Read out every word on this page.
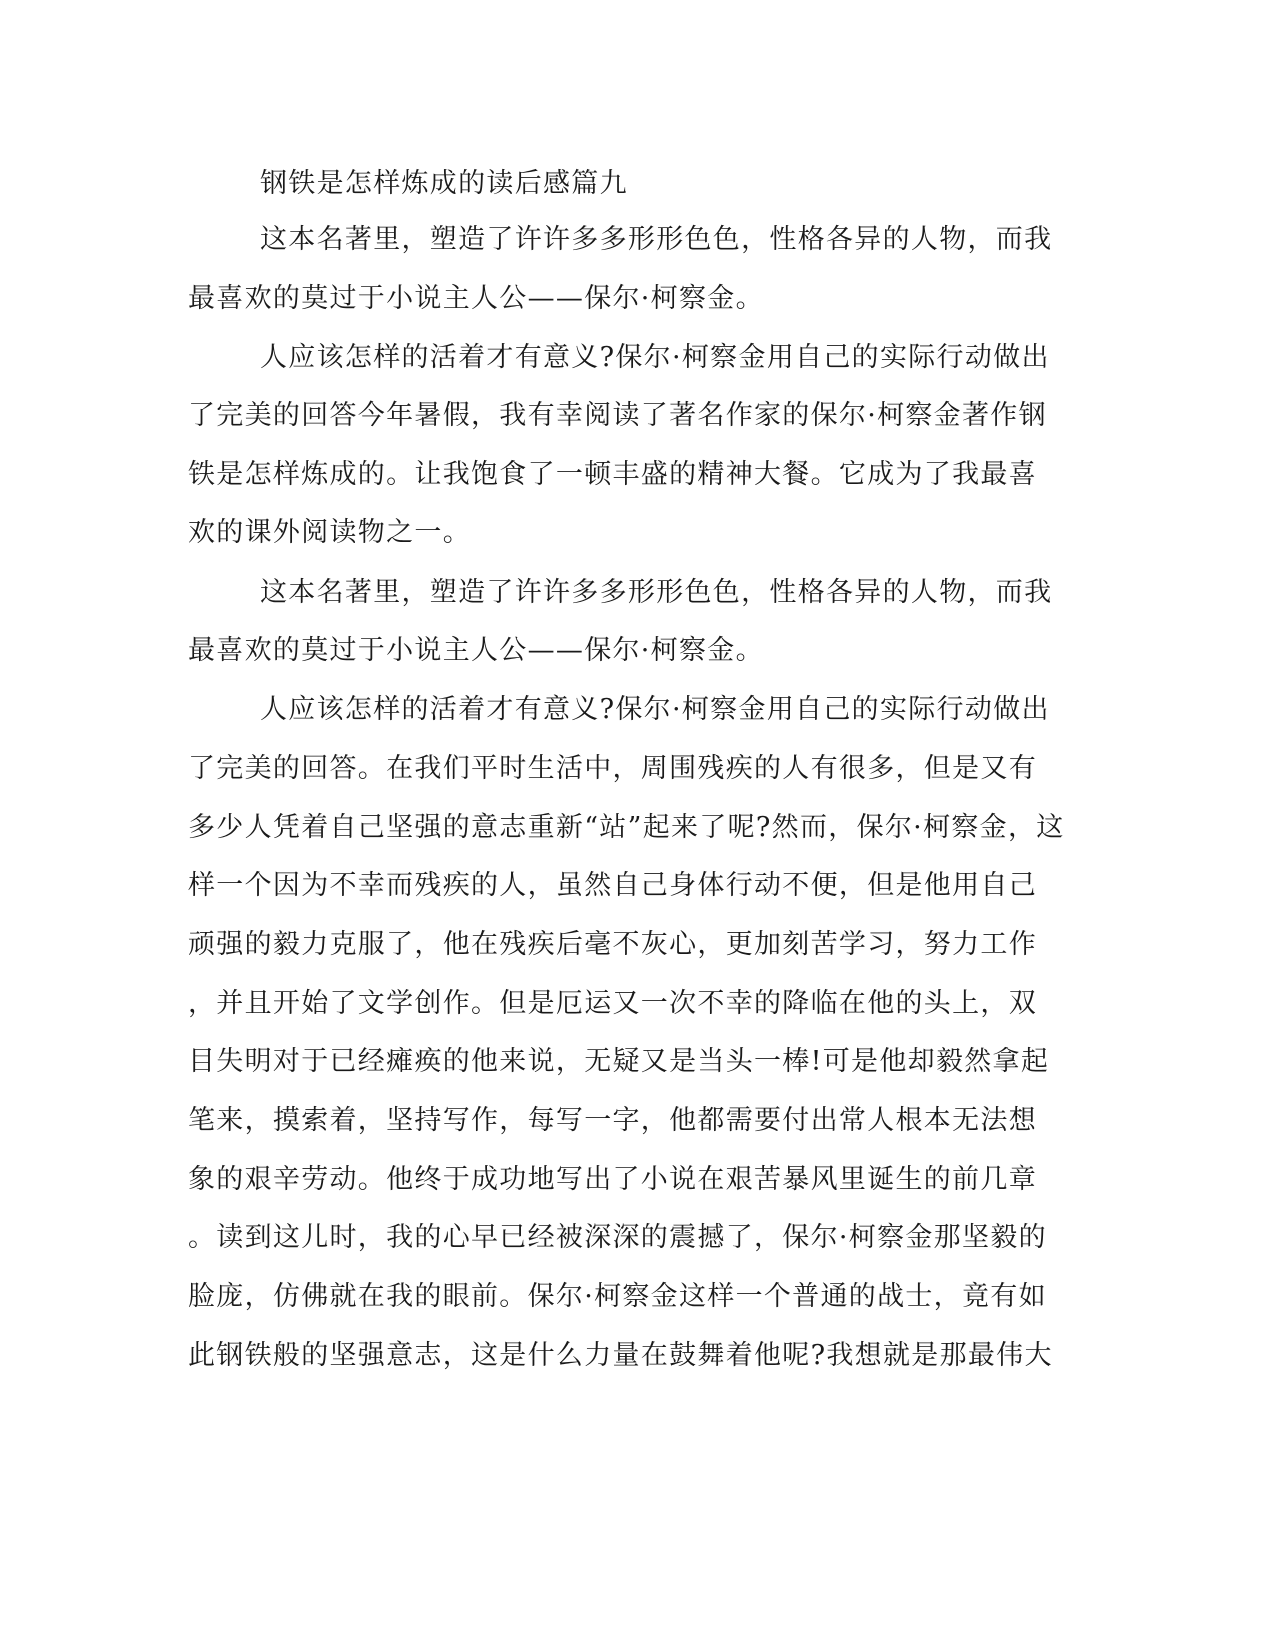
钢铁是怎样炼成的读后感篇九
这本名著里，塑造了许许多多形形色色，性格各异的人物，而我
最喜欢的莫过于小说主人公——保尔·柯察金。
人应该怎样的活着才有意义?保尔·柯察金用自己的实际行动做出
了完美的回答今年暑假，我有幸阅读了著名作家的保尔·柯察金著作钢
铁是怎样炼成的。让我饱食了一顿丰盛的精神大餐。它成为了我最喜
欢的课外阅读物之一。
这本名著里，塑造了许许多多形形色色，性格各异的人物，而我
最喜欢的莫过于小说主人公——保尔·柯察金。
人应该怎样的活着才有意义?保尔·柯察金用自己的实际行动做出
了完美的回答。在我们平时生活中，周围残疾的人有很多，但是又有
多少人凭着自己坚强的意志重新“站”起来了呢?然而，保尔·柯察金，这
样一个因为不幸而残疾的人，虽然自己身体行动不便，但是他用自己
顽强的毅力克服了，他在残疾后毫不灰心，更加刻苦学习，努力工作
，并且开始了文学创作。但是厄运又一次不幸的降临在他的头上，双
目失明对于已经瘫痪的他来说，无疑又是当头一棒!可是他却毅然拿起
笔来，摸索着，坚持写作，每写一字，他都需要付出常人根本无法想
象的艰辛劳动。他终于成功地写出了小说在艰苦暴风里诞生的前几章
。读到这儿时，我的心早已经被深深的震撼了，保尔·柯察金那坚毅的
脸庞，仿佛就在我的眼前。保尔·柯察金这样一个普通的战士，竟有如
此钢铁般的坚强意志，这是什么力量在鼓舞着他呢?我想就是那最伟大
